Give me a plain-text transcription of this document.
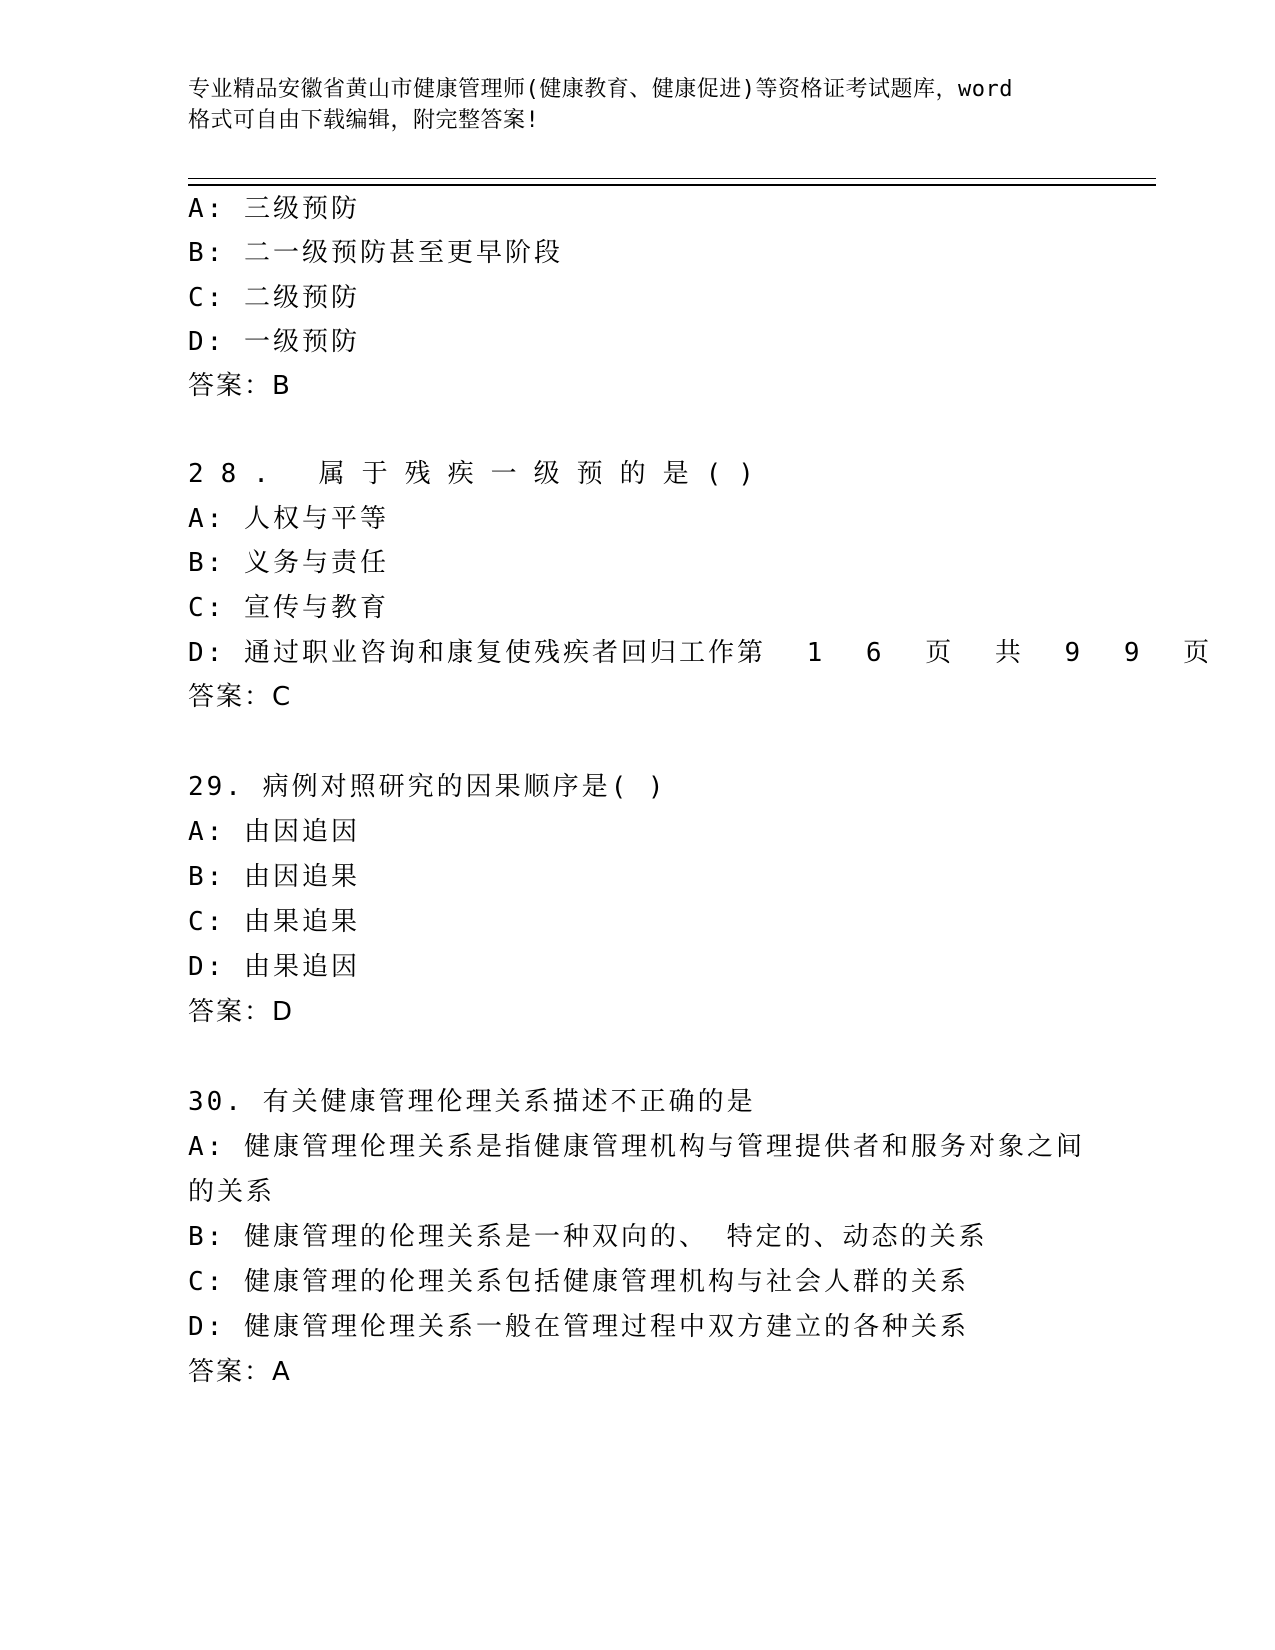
专业精品安徽省黄山市健康管理师(健康教育、健康促进)等资格证考试题库，word
格式可自由下载编辑，附完整答案!
A: 三级预防
B: 二一级预防甚至更早阶段
C: 二级预防
D: 一级预防
答案：B
28. 属于残疾一级预的是()
A: 人权与平等
B: 义务与责任
C: 宣传与教育
D: 通过职业咨询和康复使残疾者回归工作第 1 6 页 共 9 9 页
答案：C
29. 病例对照研究的因果顺序是( )
A: 由因追因
B: 由因追果
C: 由果追果
D: 由果追因
答案：D
30. 有关健康管理伦理关系描述不正确的是
A: 健康管理伦理关系是指健康管理机构与管理提供者和服务对象之间
的关系
B: 健康管理的伦理关系是一种双向的、 特定的、动态的关系
C: 健康管理的伦理关系包括健康管理机构与社会人群的关系
D: 健康管理伦理关系一般在管理过程中双方建立的各种关系
答案：A
